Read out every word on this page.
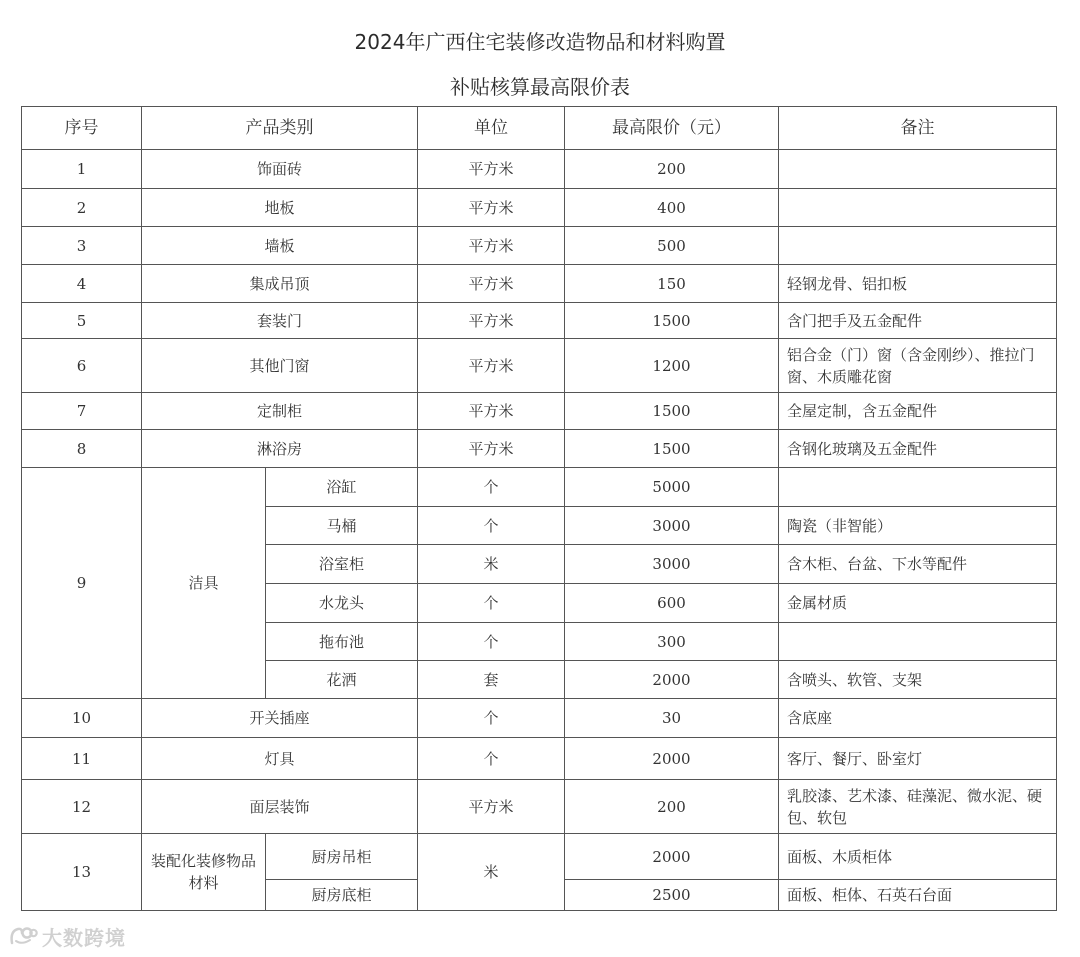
2024年广西住宅装修改造物品和材料购置
补贴核算最高限价表
序号	产品类别		单位	最高限价（元）	备注
1	饰面砖		平方米	200	
2	地板		平方米	400	
3	墙板		平方米	500	
4	集成吊顶		平方米	150	轻钢龙骨、铝扣板
5	套装门		平方米	1500	含门把手及五金配件
6	其他门窗		平方米	1200	铝合金（门）窗（含金刚纱）、推拉门窗、木质雕花窗
7	定制柜		平方米	1500	全屋定制，含五金配件
8	淋浴房		平方米	1500	含钢化玻璃及五金配件
9	洁具	浴缸	个	5000	
		马桶	个	3000	陶瓷（非智能）
		浴室柜	米	3000	含木柜、台盆、下水等配件
		水龙头	个	600	金属材质
		拖布池	个	300	
		花洒	套	2000	含喷头、软管、支架
10	开关插座		个	30	含底座
11	灯具		个	2000	客厅、餐厅、卧室灯
12	面层装饰		平方米	200	乳胶漆、艺术漆、硅藻泥、微水泥、硬包、软包
13	装配化装修物品材料	厨房吊柜	米	2000	面板、木质柜体
		厨房底柜		2500	面板、柜体、石英石台面
大数跨境
